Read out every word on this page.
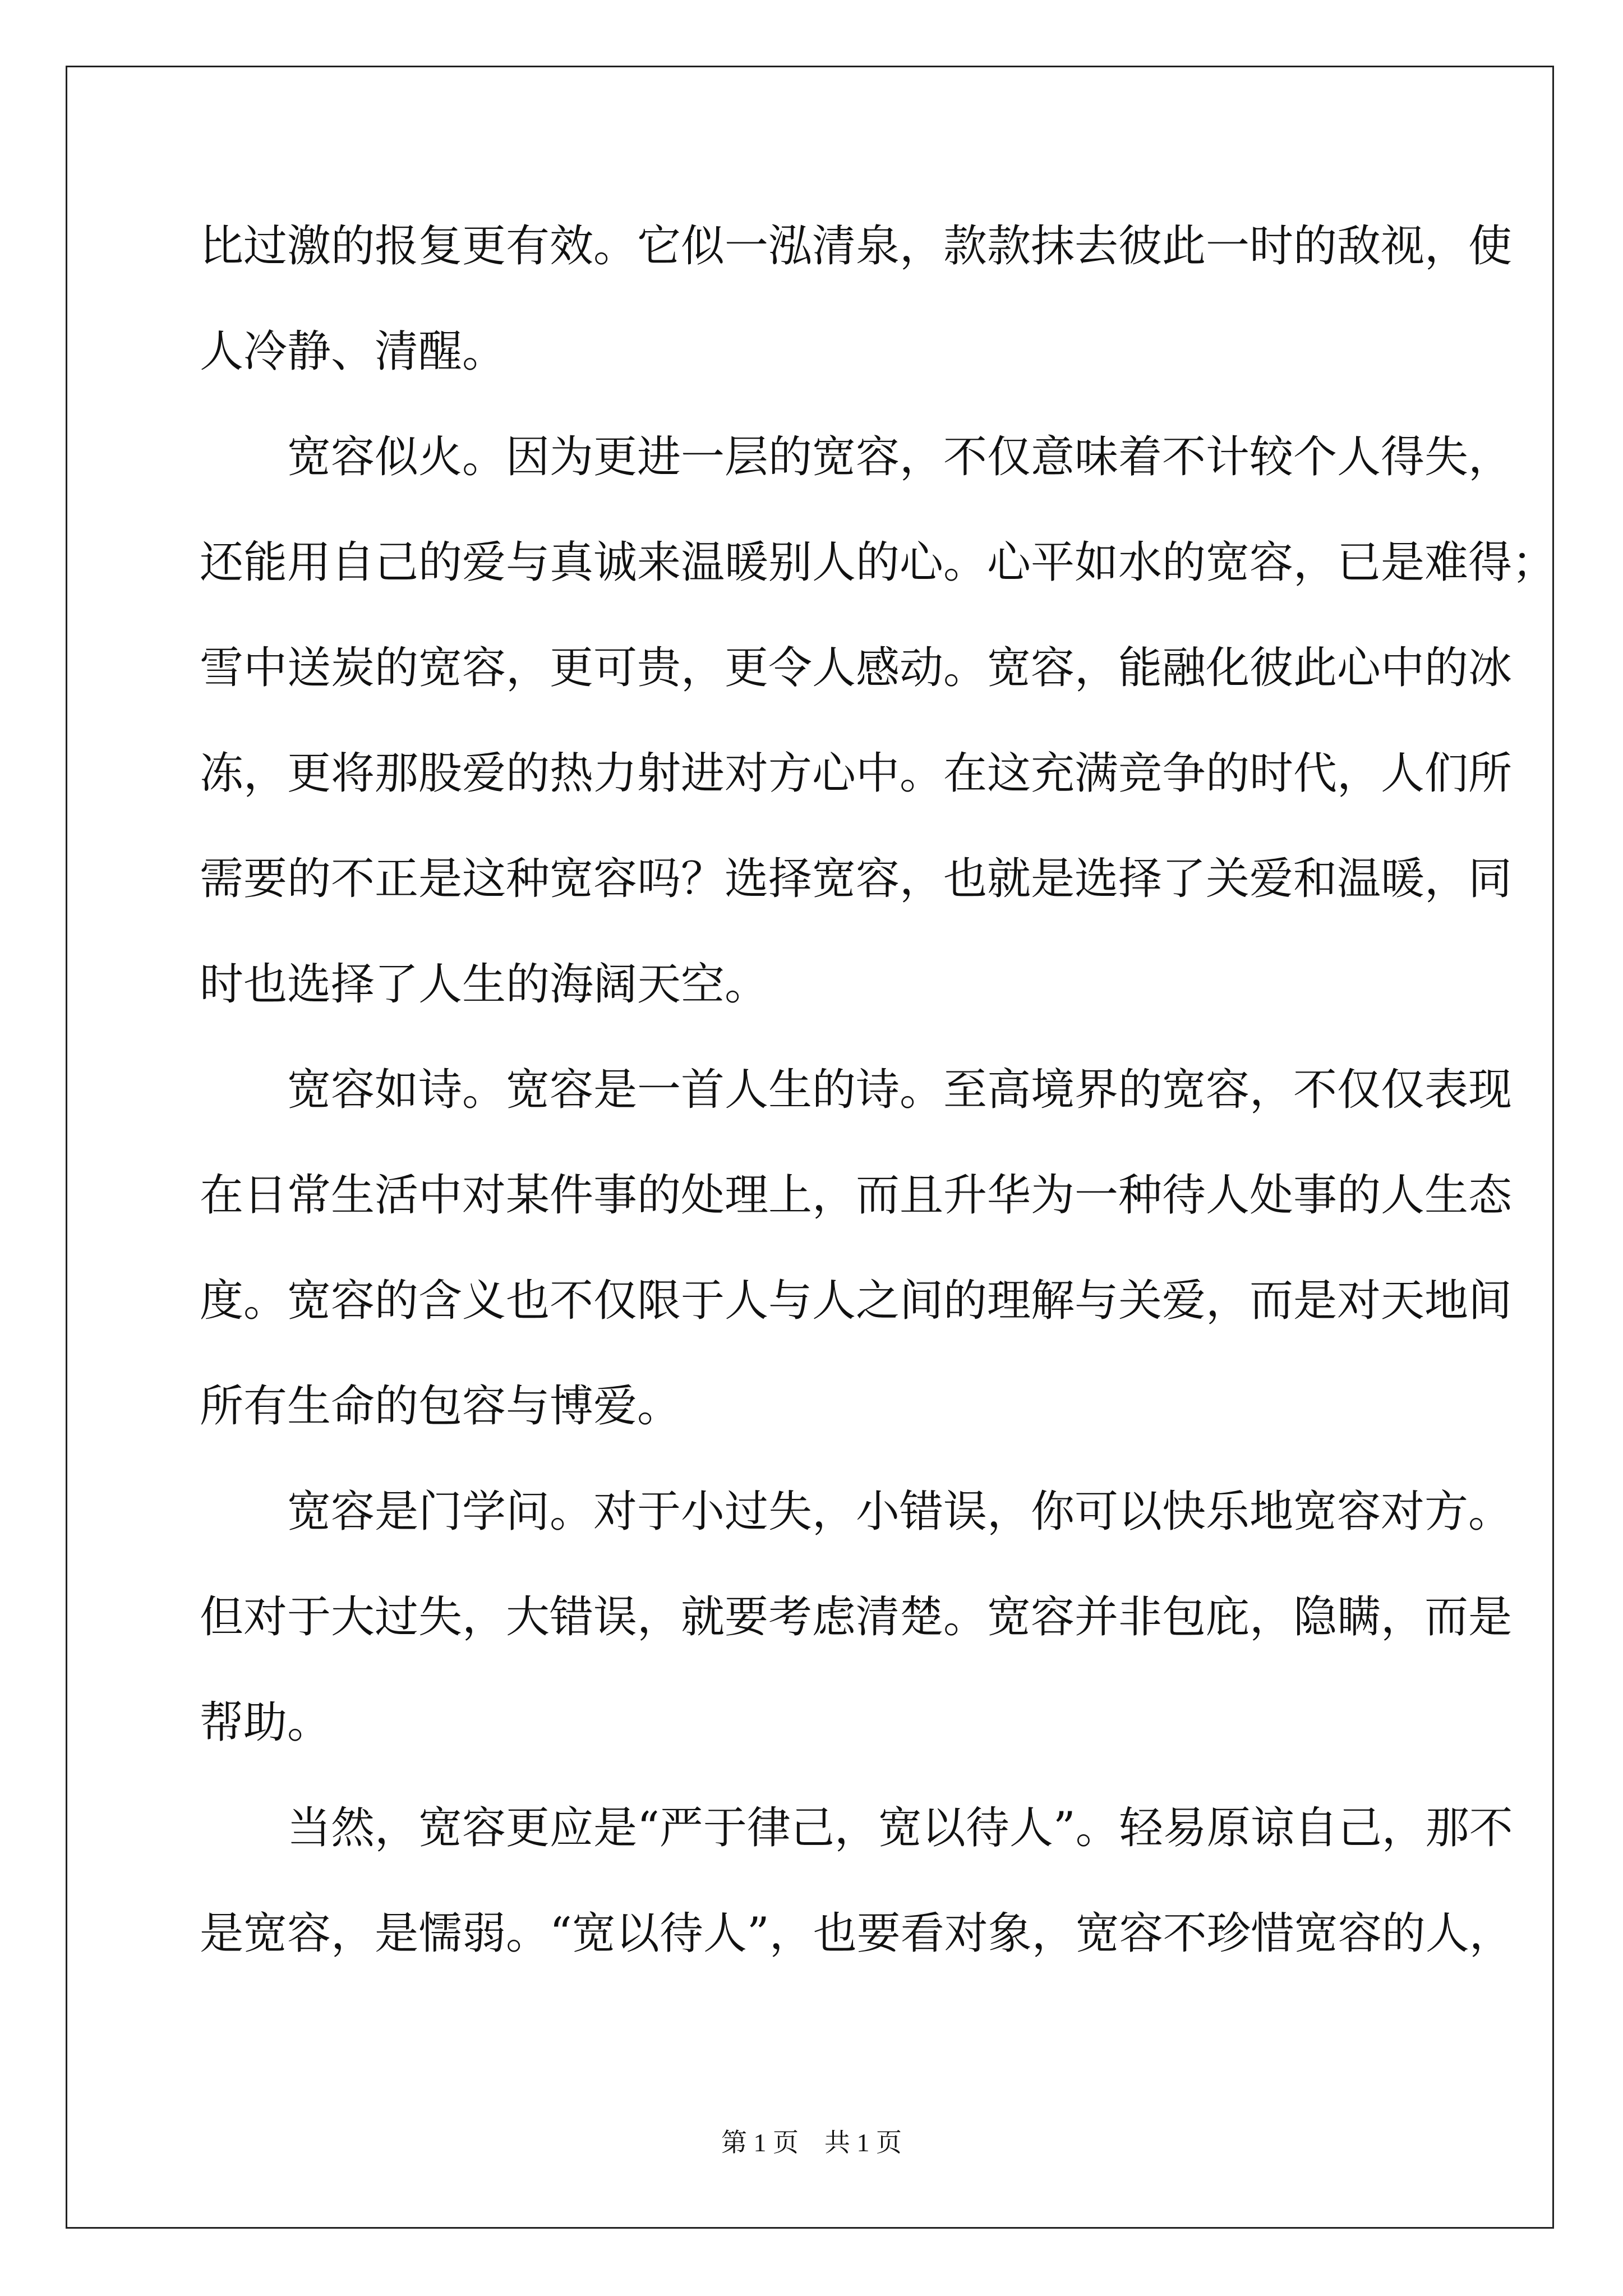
比过激的报复更有效。它似一泓清泉，款款抹去彼此一时的敌视，使
人冷静、清醒。
　　宽容似火。因为更进一层的宽容，不仅意味着不计较个人得失，
还能用自己的爱与真诚来温暖别人的心。心平如水的宽容，已是难得；
雪中送炭的宽容，更可贵，更令人感动。宽容，能融化彼此心中的冰
冻，更将那股爱的热力射进对方心中。在这充满竞争的时代，人们所
需要的不正是这种宽容吗？选择宽容，也就是选择了关爱和温暖，同
时也选择了人生的海阔天空。
　　宽容如诗。宽容是一首人生的诗。至高境界的宽容，不仅仅表现
在日常生活中对某件事的处理上，而且升华为一种待人处事的人生态
度。宽容的含义也不仅限于人与人之间的理解与关爱，而是对天地间
所有生命的包容与博爱。
　　宽容是门学问。对于小过失，小错误，你可以快乐地宽容对方。
但对于大过失，大错误，就要考虑清楚。宽容并非包庇，隐瞒，而是
帮助。
　　当然，宽容更应是“严于律己，宽以待人”。轻易原谅自己，那不
是宽容，是懦弱。“宽以待人”，也要看对象，宽容不珍惜宽容的人，
第 1 页　共 1 页
